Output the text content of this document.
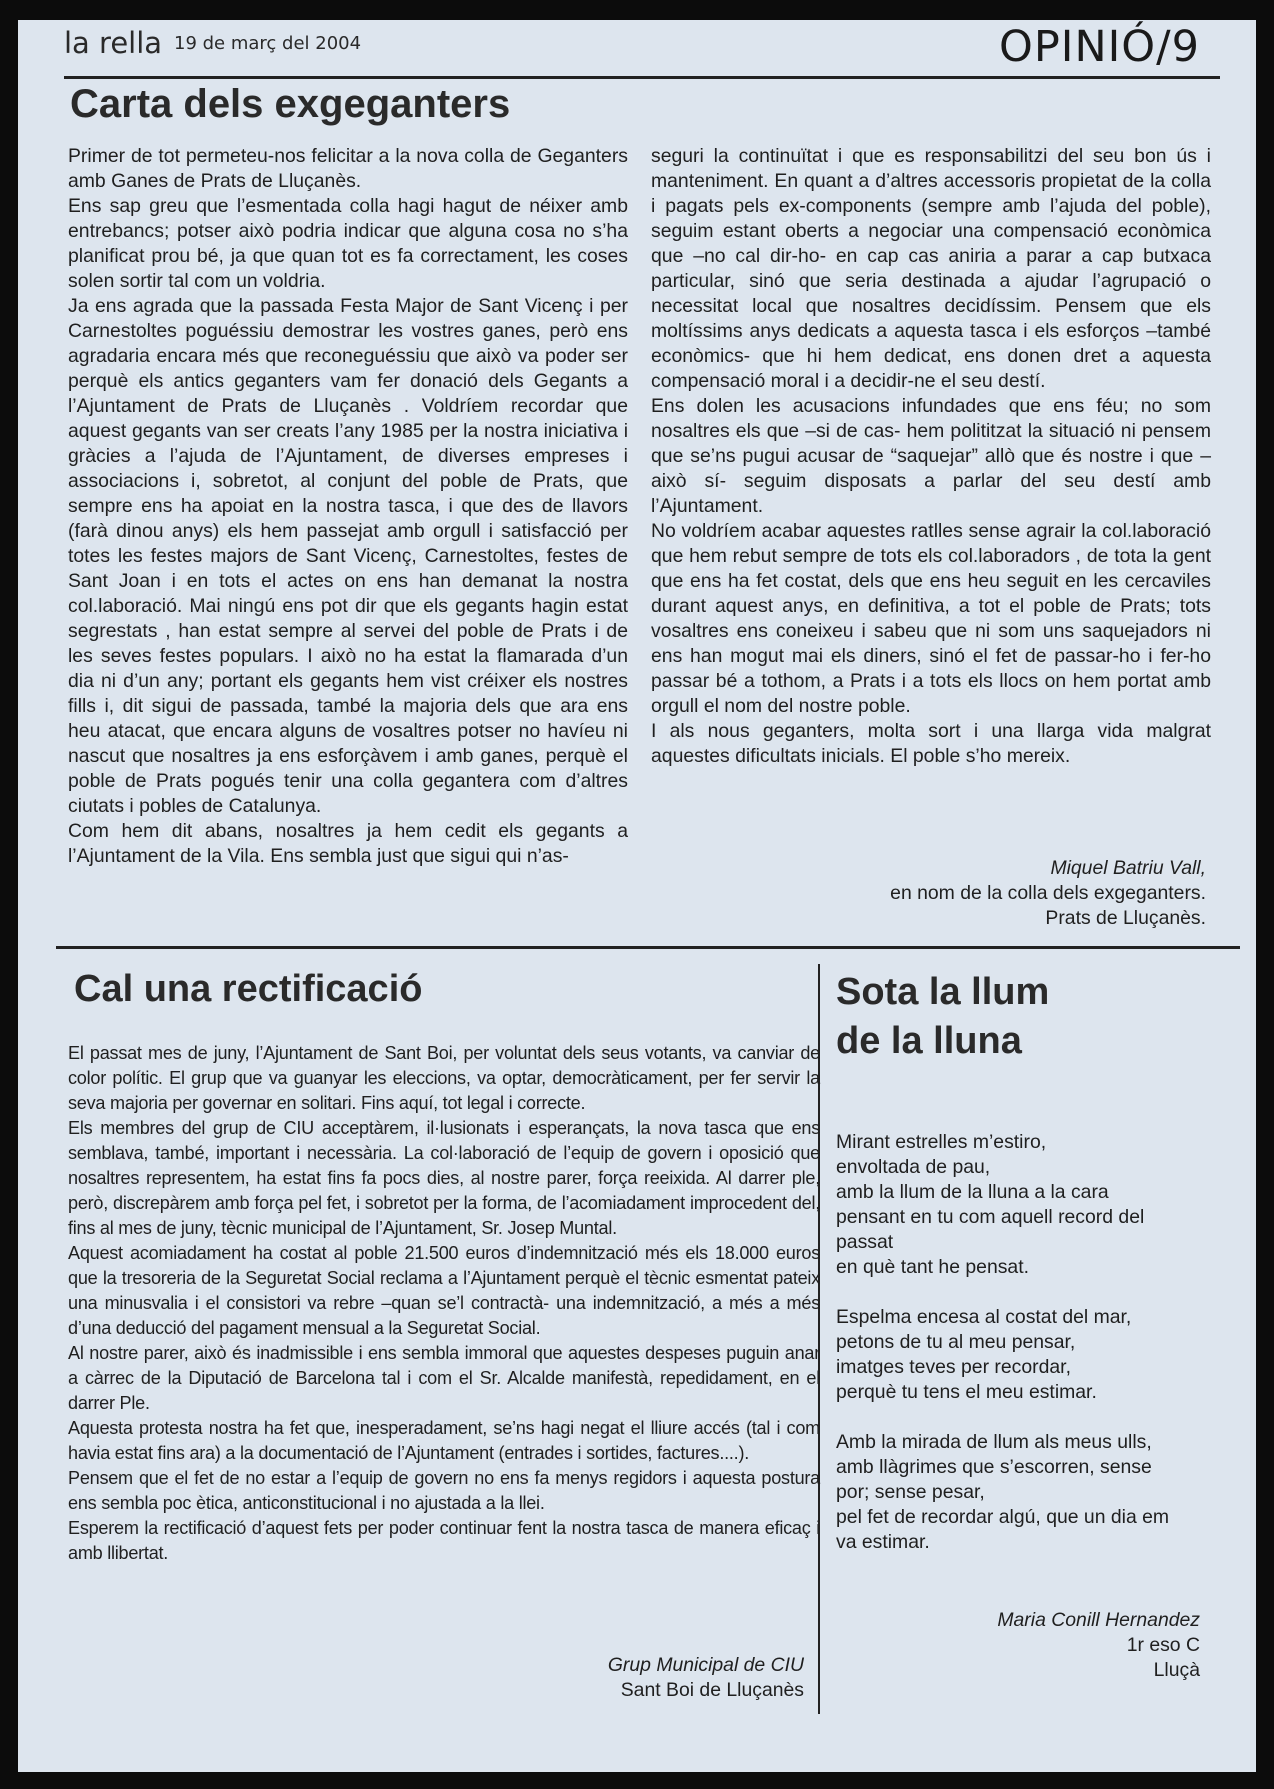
la rella 19 de març del 2004	OPINIÓ/9
Carta dels exgeganters

Primer de tot permeteu-nos felicitar a la nova colla de Geganters amb Ganes de Prats de Lluçanès.

Ens sap greu que l’esmentada colla hagi hagut de néixer amb entrebancs; potser això podria indicar que alguna cosa no s’ha planificat prou bé, ja que quan tot es fa correctament, les coses solen sortir tal com un voldria.

Ja ens agrada que la passada Festa Major de Sant Vicenç i per Carnestoltes poguéssiu demostrar les vostres ganes, però ens agradaria encara més que reconeguéssiu que això va poder ser perquè els antics geganters vam fer donació dels Gegants a l’Ajuntament de Prats de Lluçanès . Voldríem recordar que aquest gegants van ser creats l’any 1985 per la nostra iniciativa i gràcies a l’ajuda de l’Ajuntament, de diverses empreses i associacions i, sobretot, al conjunt del poble de Prats, que sempre ens ha apoiat en la nostra tasca, i que des de llavors (farà dinou anys) els hem passejat amb orgull i satisfacció per totes les festes majors de Sant Vicenç, Carnestoltes, festes de Sant Joan i en tots el actes on ens han demanat la nostra col.laboració. Mai ningú ens pot dir que els gegants hagin estat segrestats , han estat sempre al servei del poble de Prats i de les seves festes populars. I això no ha estat la flamarada d’un dia ni d’un any; portant els gegants hem vist créixer els nostres fills i, dit sigui de passada, també la majoria dels que ara ens heu atacat, que encara alguns de vosaltres potser no havíeu ni nascut que nosaltres ja ens esforçàvem i amb ganes, perquè el poble de Prats pogués tenir una colla gegantera com d’altres ciutats i pobles de Catalunya.

Com hem dit abans, nosaltres ja hem cedit els gegants a l’Ajuntament de la Vila. Ens sembla just que sigui qui n’as-

seguri la continuïtat i que es responsabilitzi del seu bon ús i manteniment. En quant a d’altres accessoris propietat de la colla i pagats pels ex-components (sempre amb l’ajuda del poble), seguim estant oberts a negociar una compensació econòmica que –no cal dir-ho- en cap cas aniria a parar a cap butxaca particular, sinó que seria destinada a ajudar l’agrupació o necessitat local que nosaltres decidíssim. Pensem que els moltíssims anys dedicats a aquesta tasca i els esforços –també econòmics- que hi hem dedicat, ens donen dret a aquesta compensació moral i a decidir-ne el seu destí.

Ens dolen les acusacions infundades que ens féu; no som nosaltres els que –si de cas- hem polititzat la situació ni pensem que se’ns pugui acusar de “saquejar” allò que és nostre i que –això sí- seguim disposats a parlar del seu destí amb l’Ajuntament.

No voldríem acabar aquestes ratlles sense agrair la col.laboració que hem rebut sempre de tots els col.laboradors , de tota la gent que ens ha fet costat, dels que ens heu seguit en les cercaviles durant aquest anys, en definitiva, a tot el poble de Prats; tots vosaltres ens coneixeu i sabeu que ni som uns saquejadors ni ens han mogut mai els diners, sinó el fet de passar-ho i fer-ho passar bé a tothom, a Prats i a tots els llocs on hem portat amb orgull el nom del nostre poble.

I als nous geganters, molta sort i una llarga vida malgrat aquestes dificultats inicials. El poble s’ho mereix.

Miquel Batriu Vall,
en nom de la colla dels exgeganters.
Prats de Lluçanès.
Cal una rectificació

El passat mes de juny, l’Ajuntament de Sant Boi, per voluntat dels seus votants, va canviar de color polític. El grup que va guanyar les eleccions, va optar, democràticament, per fer servir la seva majoria per governar en solitari. Fins aquí, tot legal i correcte.

Els membres del grup de CIU acceptàrem, il·lusionats i esperançats, la nova tasca que ens semblava, també, important i necessària. La col·laboració de l’equip de govern i oposició que nosaltres representem, ha estat fins fa pocs dies, al nostre parer, força reeixida. Al darrer ple, però, discrepàrem amb força pel fet, i sobretot per la forma, de l’acomiadament improcedent del, fins al mes de juny, tècnic municipal de l’Ajuntament, Sr. Josep Muntal.

Aquest acomiadament ha costat al poble 21.500 euros d’indemnització més els 18.000 euros que la tresoreria de la Seguretat Social reclama a l’Ajuntament perquè el tècnic esmentat pateix una minusvalia i el consistori va rebre –quan se’l contractà- una indemnització, a més a més d’una deducció del pagament mensual a la Seguretat Social.

Al nostre parer, això és inadmissible i ens sembla immoral que aquestes despeses puguin anar a càrrec de la Diputació de Barcelona tal i com el Sr. Alcalde manifestà, repedidament, en el darrer Ple.

Aquesta protesta nostra ha fet que, inesperadament, se’ns hagi negat el lliure accés (tal i com havia estat fins ara) a la documentació de l’Ajuntament (entrades i sortides, factures....).

Pensem que el fet de no estar a l’equip de govern no ens fa menys regidors i aquesta postura ens sembla poc ètica, anticonstitucional i no ajustada a la llei.

Esperem la rectificació d’aquest fets per poder continuar fent la nostra tasca de manera eficaç i amb llibertat.

Grup Municipal de CIU
Sant Boi de Lluçanès
Sota la llum
de la lluna
Mirant estrelles m’estiro,
envoltada de pau,
amb la llum de la lluna a la cara
pensant en tu com aquell record del
passat
en què tant he pensat.
Espelma encesa al costat del mar,
petons de tu al meu pensar,
imatges teves per recordar,
perquè tu tens el meu estimar.
Amb la mirada de llum als meus ulls,
amb llàgrimes que s’escorren, sense
por; sense pesar,
pel fet de recordar algú, que un dia em
va estimar.
Maria Conill Hernandez
1r eso C
Lluçà
